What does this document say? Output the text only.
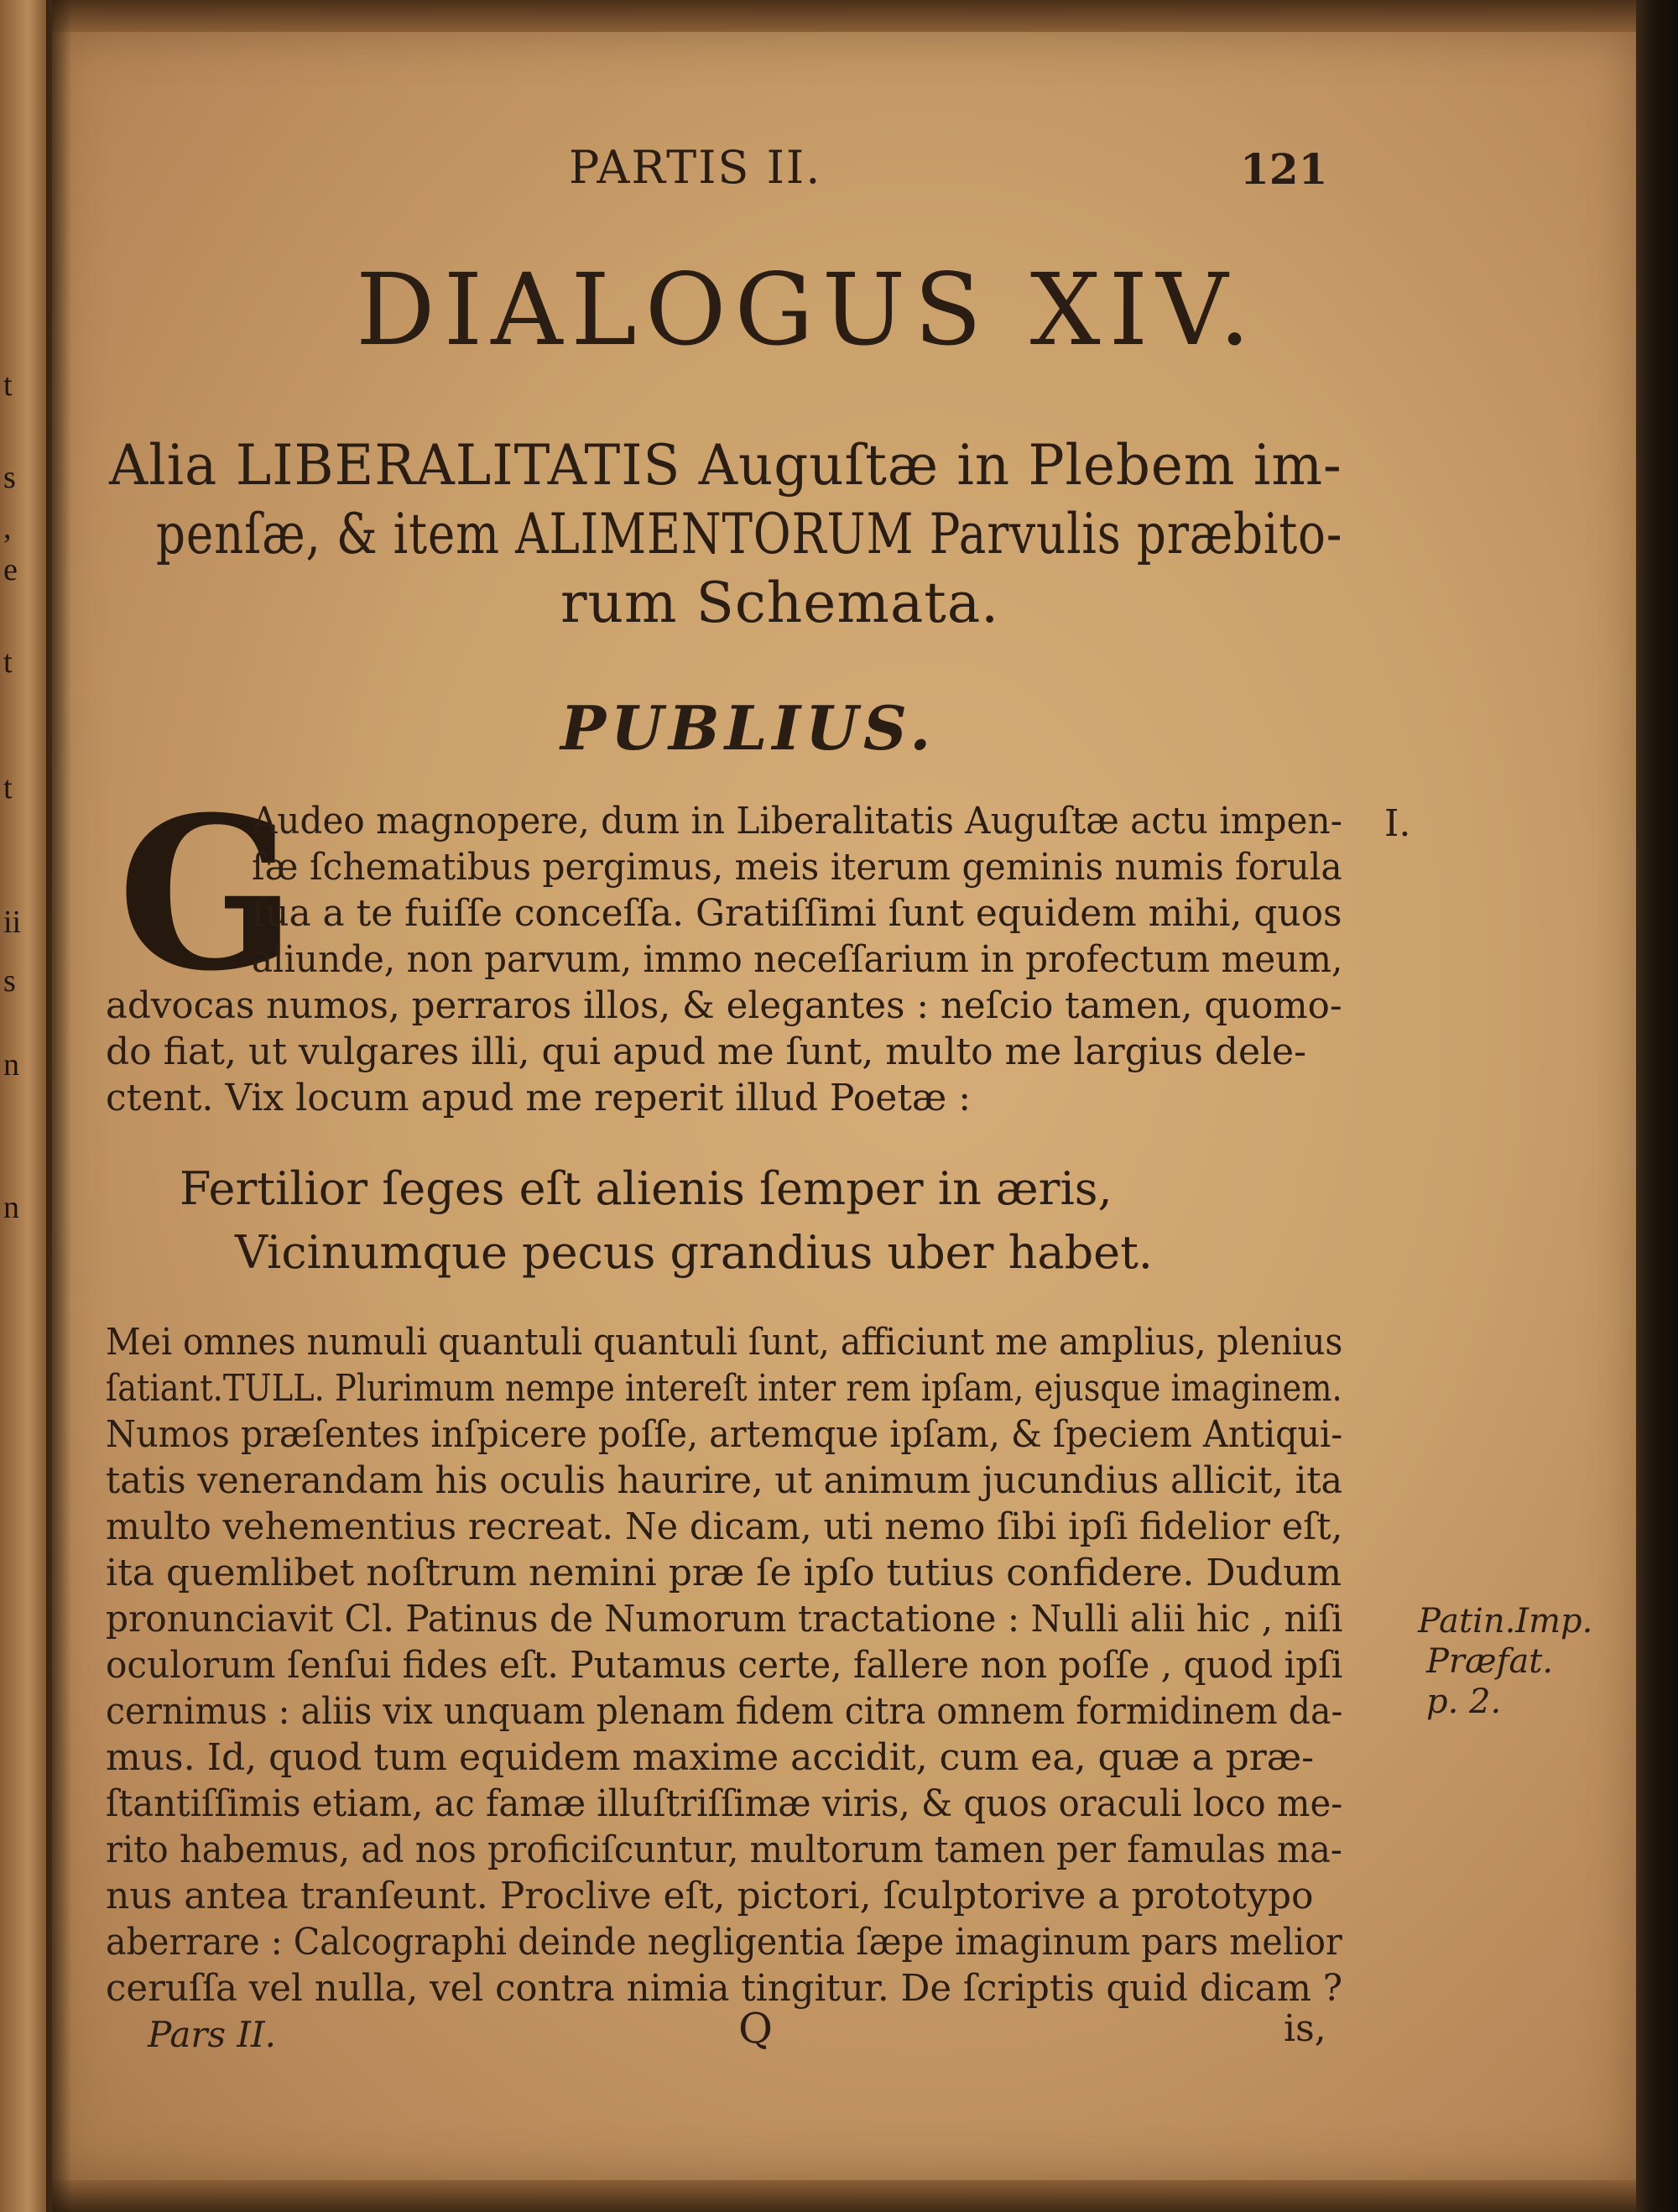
t
s
,
e
t
t
ii
s
n
n
PARTIS II.	121
DIALOGUS XIV.
Alia LIBERALITATIS Auguſtæ in Plebem im-
penſæ, & item ALIMENTORUM Parvulis præbito-
rum Schemata.
PUBLIUS.
G
Audeo magnopere, dum in Liberalitatis Auguſtæ actu impen-
ſæ ſchematibus pergimus, meis iterum geminis numis forula
ſua a te fuiſſe conceſſa. Gratiſſimi ſunt equidem mihi, quos
aliunde, non parvum, immo neceſſarium in profectum meum,
advocas numos, perraros illos, & elegantes : neſcio tamen, quomo-
do fiat, ut vulgares illi, qui apud me ſunt, multo me largius dele-
ctent. Vix locum apud me reperit illud Poetæ :
I.
Fertilior ſeges eſt alienis ſemper in æris,
Vicinumque pecus grandius uber habet.
Mei omnes numuli quantuli quantuli ſunt, afficiunt me amplius, plenius
ſatiant.TULL. Plurimum nempe intereſt inter rem ipſam, ejusque imaginem.
Numos præſentes inſpicere poſſe, artemque ipſam, & ſpeciem Antiqui-
tatis venerandam his oculis haurire, ut animum jucundius allicit, ita
multo vehementius recreat. Ne dicam, uti nemo ſibi ipſi fidelior eſt,
ita quemlibet noſtrum nemini præ ſe ipſo tutius confidere. Dudum
pronunciavit Cl. Patinus de Numorum tractatione : Nulli alii hic , niſi
oculorum ſenſui fides eſt. Putamus certe, fallere non poſſe , quod ipſi
cernimus : aliis vix unquam plenam fidem citra omnem formidinem da-
mus. Id, quod tum equidem maxime accidit, cum ea, quæ a præ-
ſtantiſſimis etiam, ac famæ illuſtriſſimæ viris, & quos oraculi loco me-
rito habemus, ad nos proficiſcuntur, multorum tamen per famulas ma-
nus antea tranſeunt. Proclive eſt, pictori, ſculptorive a prototypo
aberrare : Calcographi deinde negligentia ſæpe imaginum pars melior
ceruſſa vel nulla, vel contra nimia tingitur. De ſcriptis quid dicam ?
Patin.Imp.
Præfat.
p. 2.
Pars II.	Q	is,
